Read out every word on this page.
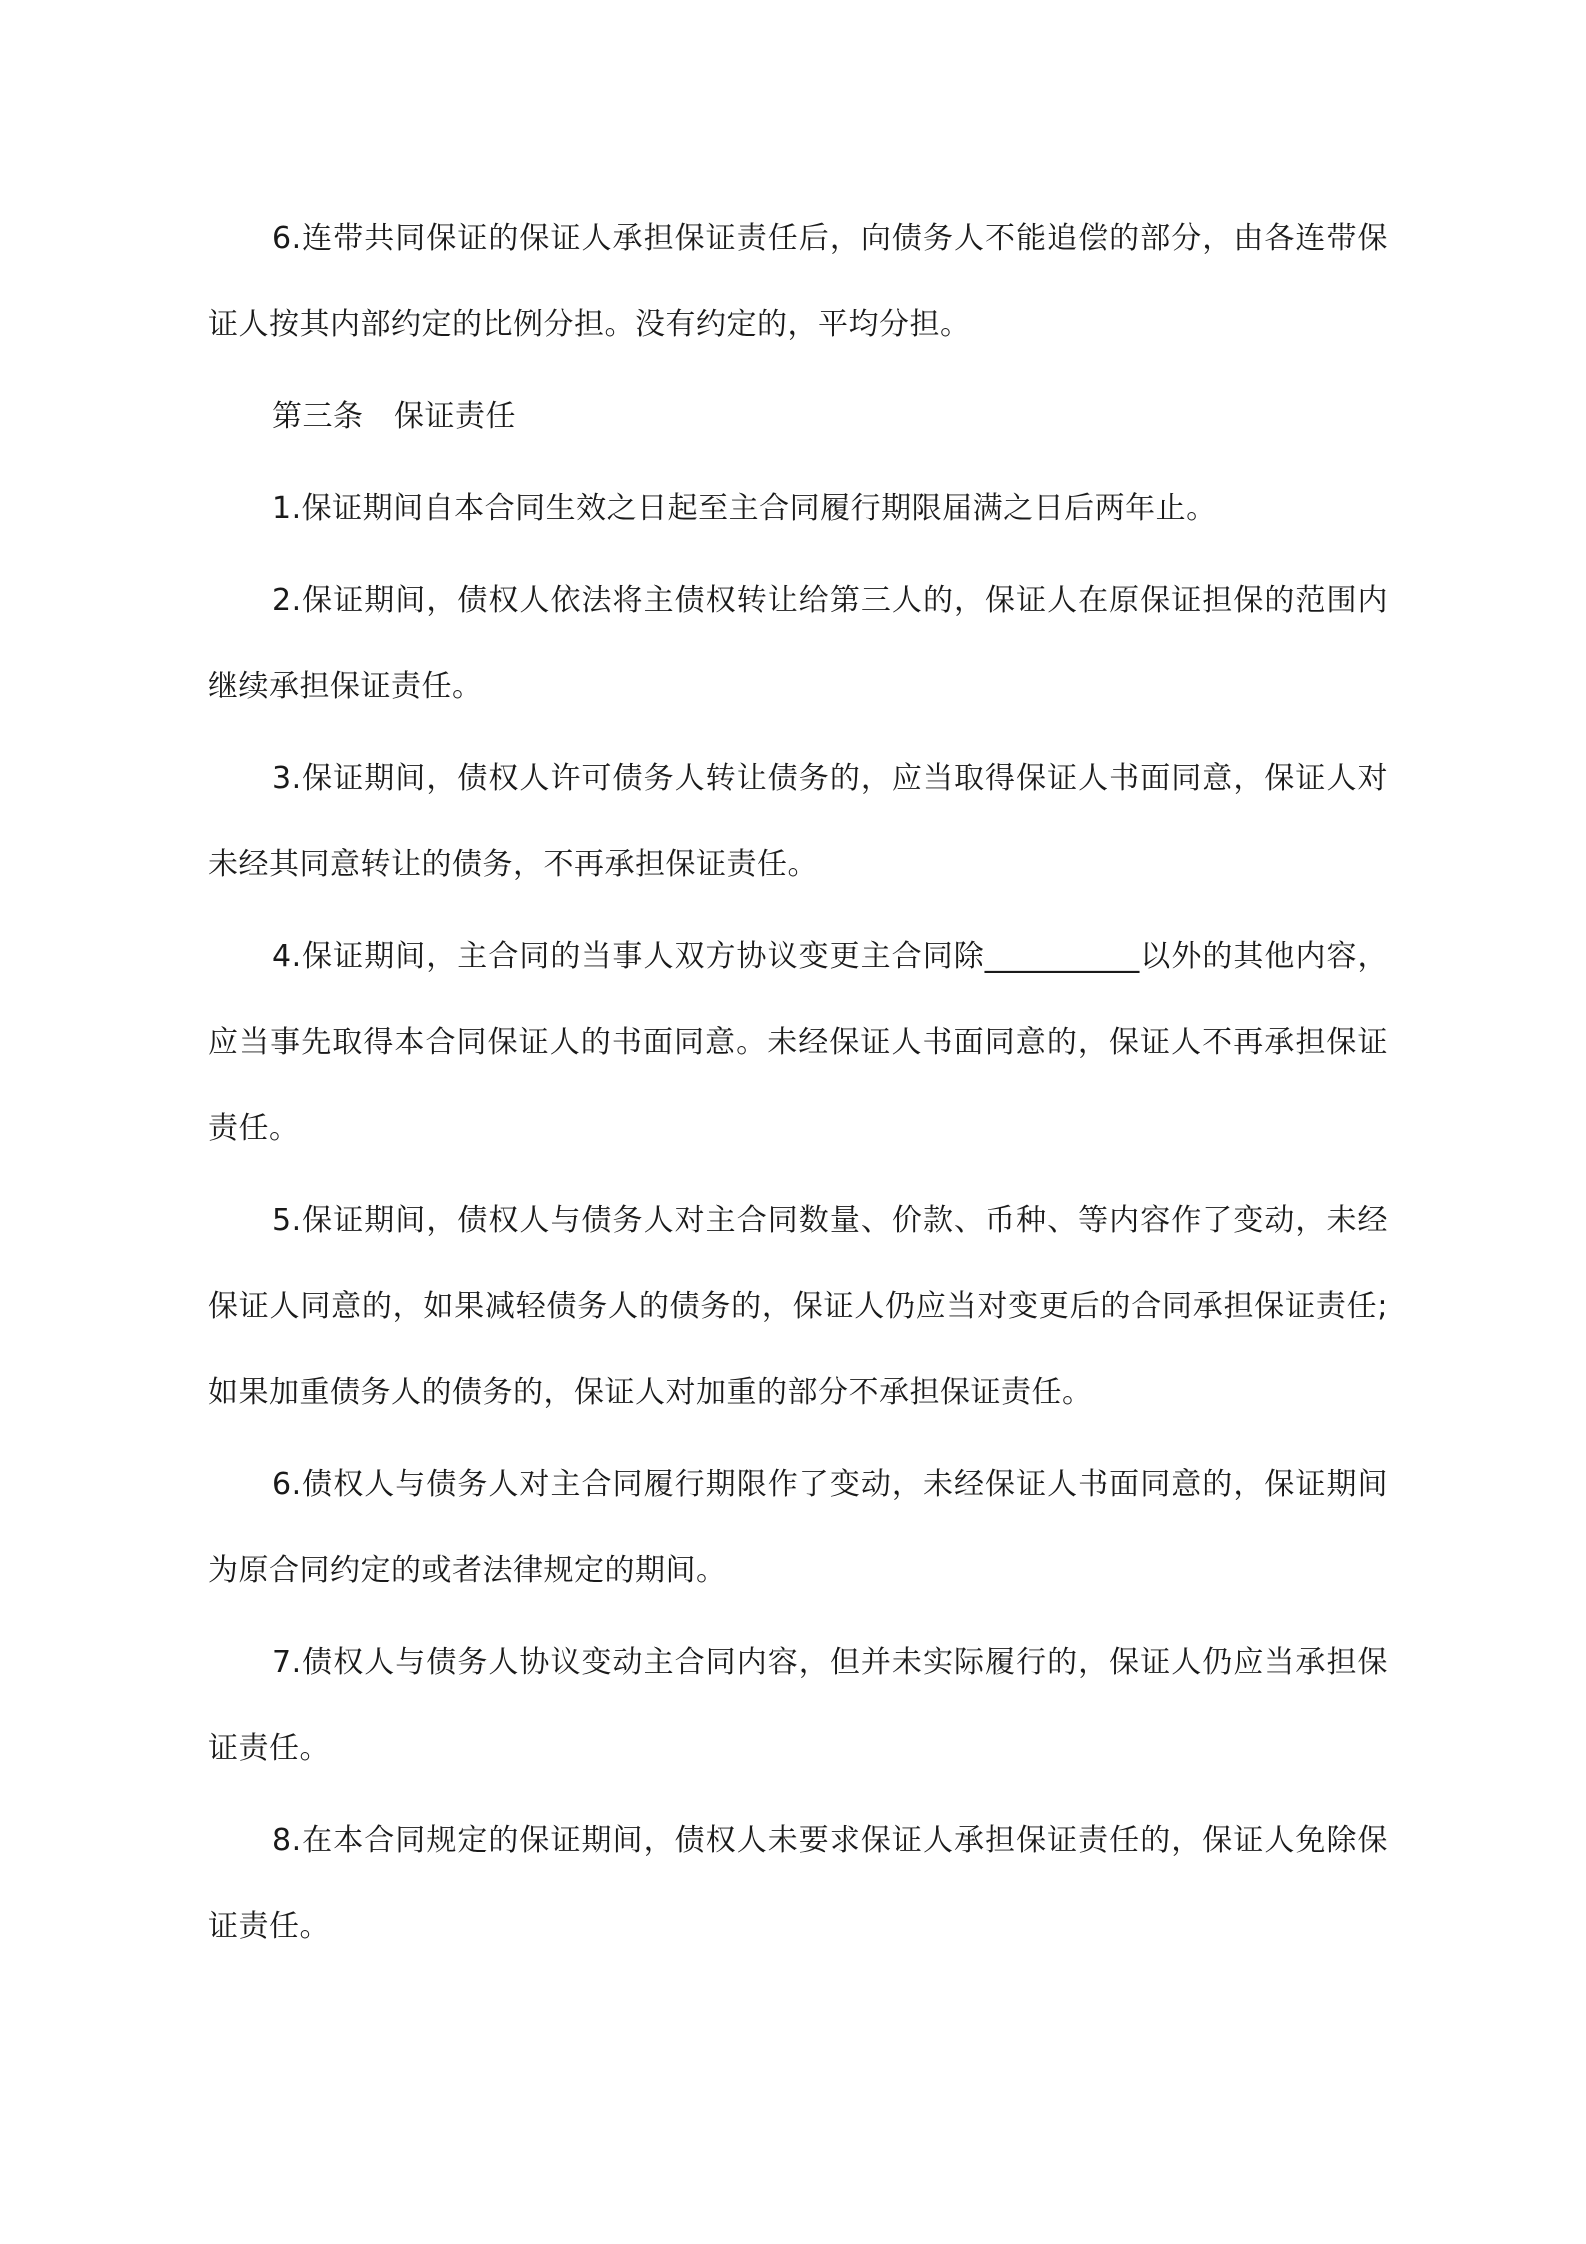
6.连带共同保证的保证人承担保证责任后，向债务人不能追偿的部分，由各连带保证人按其内部约定的比例分担。没有约定的，平均分担。

第三条　保证责任

1.保证期间自本合同生效之日起至主合同履行期限届满之日后两年止。

2.保证期间，债权人依法将主债权转让给第三人的，保证人在原保证担保的范围内继续承担保证责任。

3.保证期间，债权人许可债务人转让债务的，应当取得保证人书面同意，保证人对未经其同意转让的债务，不再承担保证责任。

4.保证期间，主合同的当事人双方协议变更主合同除__________以外的其他内容，应当事先取得本合同保证人的书面同意。未经保证人书面同意的，保证人不再承担保证责任。

5.保证期间，债权人与债务人对主合同数量、价款、币种、等内容作了变动，未经保证人同意的，如果减轻债务人的债务的，保证人仍应当对变更后的合同承担保证责任;如果加重债务人的债务的，保证人对加重的部分不承担保证责任。

6.债权人与债务人对主合同履行期限作了变动，未经保证人书面同意的，保证期间为原合同约定的或者法律规定的期间。

7.债权人与债务人协议变动主合同内容，但并未实际履行的，保证人仍应当承担保证责任。

8.在本合同规定的保证期间，债权人未要求保证人承担保证责任的，保证人免除保证责任。
